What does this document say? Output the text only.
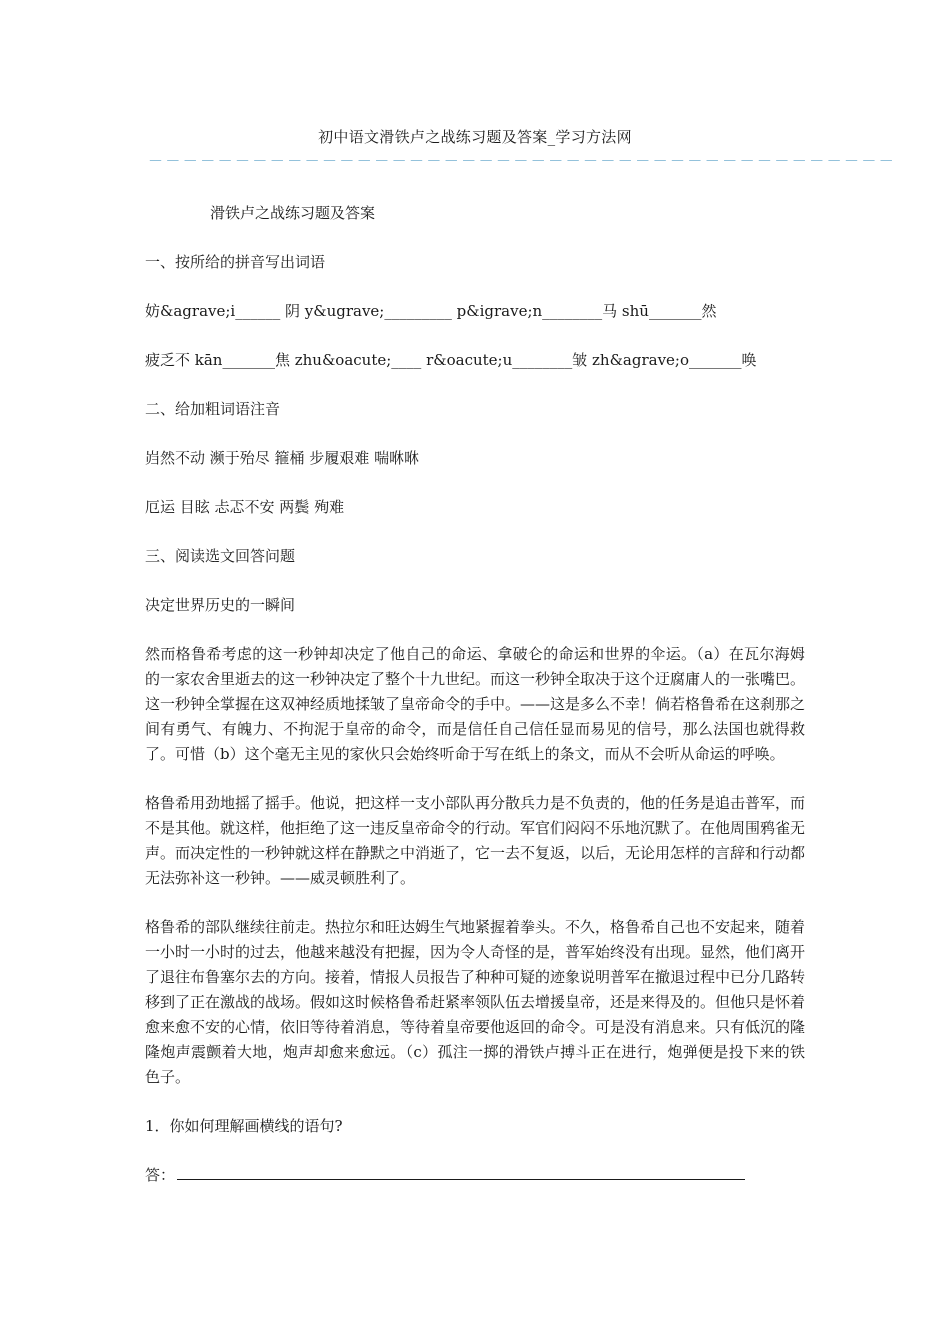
初中语文滑铁卢之战练习题及答案_学习方法网
－－－－－－－－－－－－－－－－－－－－－－－－－－－－－－－－－－－－－－－－－－－

滑铁卢之战练习题及答案

一、按所给的拼音写出词语

妨&agrave;i______ 阴 y&ugrave;_________ p&igrave;n________马 shū_______然

疲乏不 kān_______焦 zhu&oacute;____ r&oacute;u________皱 zh&agrave;o_______唤

二、给加粗词语注音

岿然不动 濒于殆尽 箍桶 步履艰难 喘咻咻

厄运 目眩 忐忑不安 两鬓 殉难

三、阅读选文回答问题

决定世界历史的一瞬间

然而格鲁希考虑的这一秒钟却决定了他自己的命运、拿破仑的命运和世界的伞运。（a）在瓦尔海姆的一家农舍里逝去的这一秒钟决定了整个十九世纪。而这一秒钟全取决于这个迂腐庸人的一张嘴巴。这一秒钟全掌握在这双神经质地揉皱了皇帝命令的手中。——这是多么不幸！倘若格鲁希在这刹那之间有勇气、有魄力、不拘泥于皇帝的命令，而是信任自己信任显而易见的信号，那么法国也就得救了。可惜（b）这个毫无主见的家伙只会始终听命于写在纸上的条文，而从不会听从命运的呼唤。

格鲁希用劲地摇了摇手。他说，把这样一支小部队再分散兵力是不负责的，他的任务是追击普军，而不是其他。就这样，他拒绝了这一违反皇帝命令的行动。军官们闷闷不乐地沉默了。在他周围鸦雀无声。而决定性的一秒钟就这样在静默之中消逝了，它一去不复返，以后，无论用怎样的言辞和行动都无法弥补这一秒钟。——威灵顿胜利了。

格鲁希的部队继续往前走。热拉尔和旺达姆生气地紧握着拳头。不久，格鲁希自己也不安起来，随着一小时一小时的过去，他越来越没有把握，因为令人奇怪的是，普军始终没有出现。显然，他们离开了退往布鲁塞尔去的方向。接着，情报人员报告了种种可疑的迹象说明普军在撤退过程中已分几路转移到了正在激战的战场。假如这时候格鲁希赶紧率领队伍去增援皇帝，还是来得及的。但他只是怀着愈来愈不安的心情，依旧等待着消息，等待着皇帝要他返回的命令。可是没有消息来。只有低沉的隆隆炮声震颤着大地，炮声却愈来愈远。（c）孤注一掷的滑铁卢搏斗正在进行，炮弹便是投下来的铁色子。

1．你如何理解画横线的语句?

答：
